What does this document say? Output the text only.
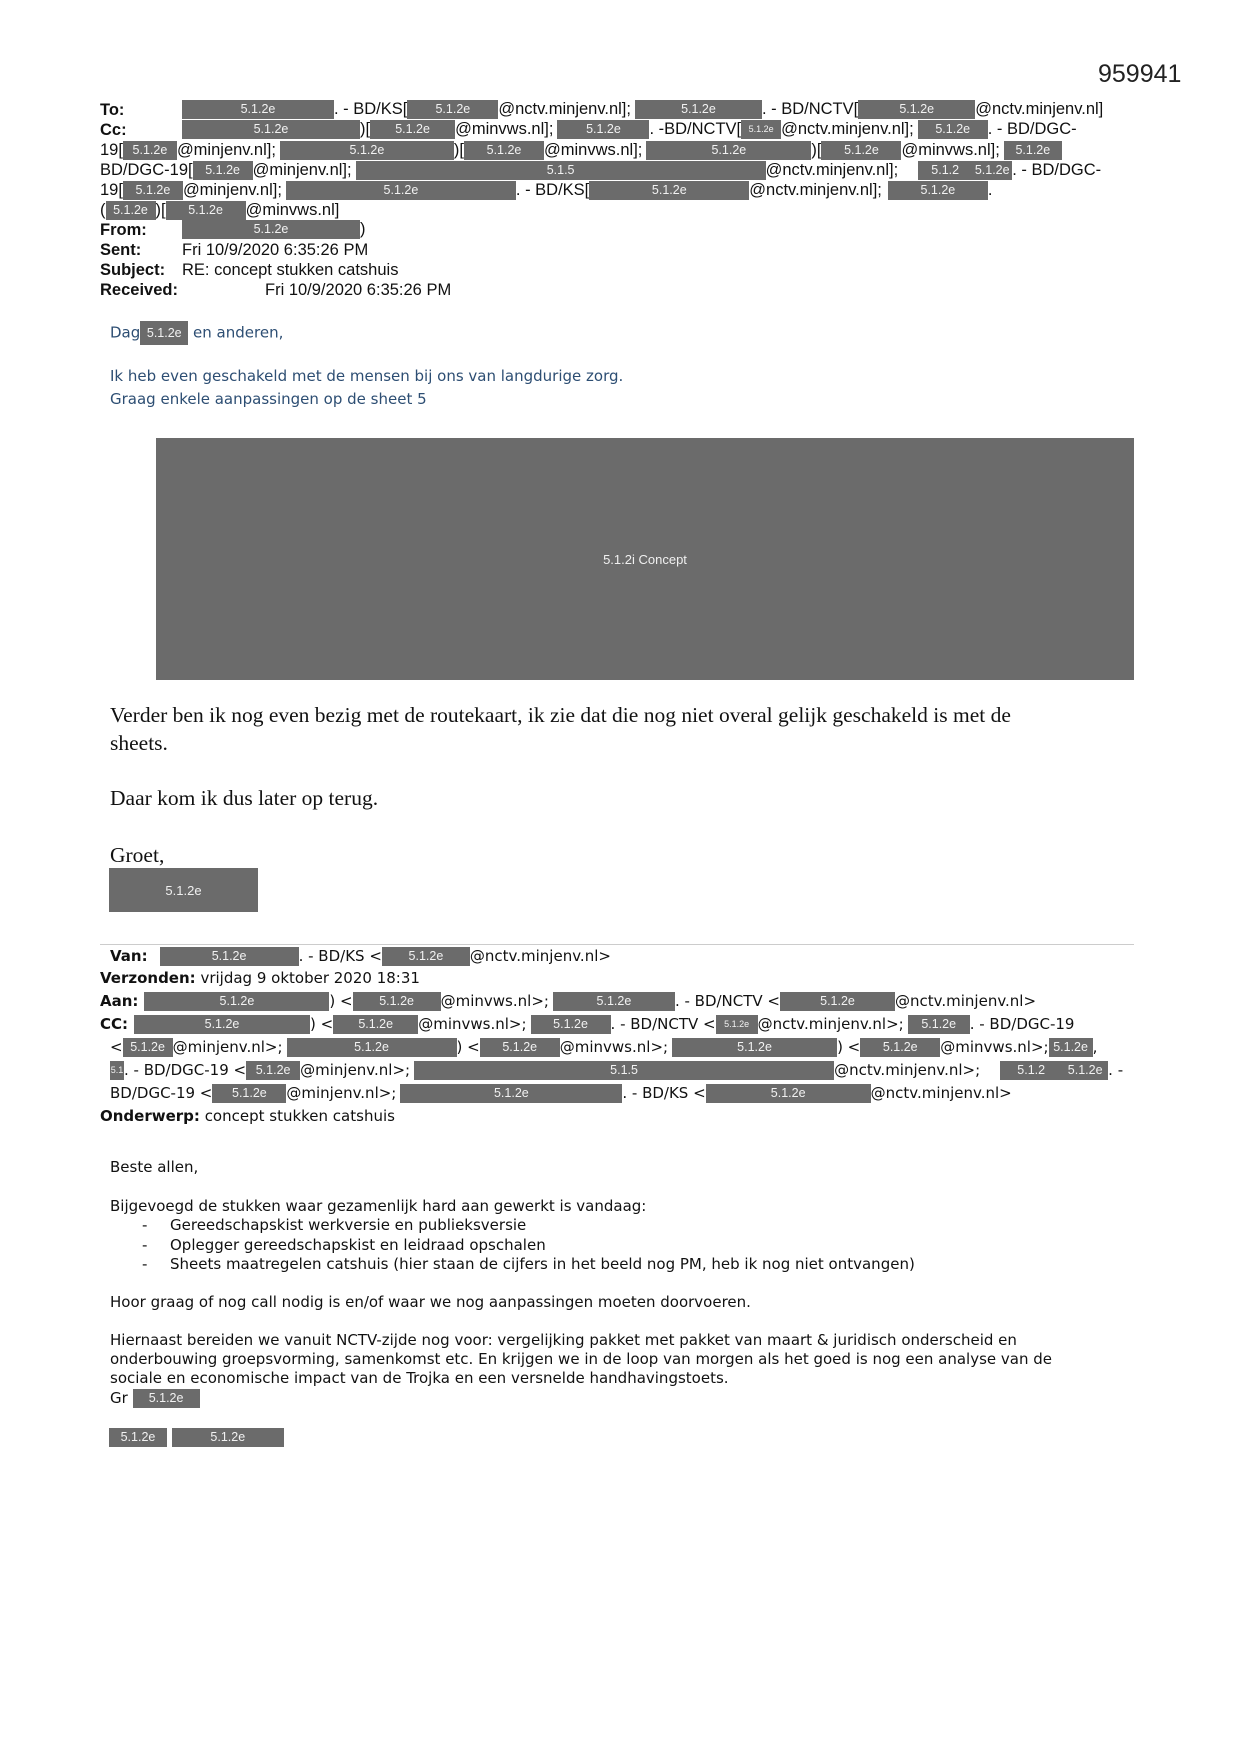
959941
To:	5.1.2e	. - BD/KS[ 5.1.2e @nctv.minjenv.nl];	5.1.2e	. - BD/NCTV[	5.1.2e @nctv.minjenv.nl]
Cc:	5.1.2e	)[ 5.1.2e @minvws.nl];	5.1.2e . -BD/NCTV[ 5.1.2e @nctv.minjenv.nl]; 5.1.2e . - BD/DGC-
19[ 5.1.2e @minjenv.nl];	5.1.2e	)[ 5.1.2e @minvws.nl];	5.1.2e	)[ 5.1.2e @minvws.nl]; 5.1.2e
BD/DGC-19[ 5.1.2e @minjenv.nl];	5.1.5	@nctv.minjenv.nl];	5.1.2 5.1.2e . - BD/DGC-
19[ 5.1.2e @minjenv.nl];	5.1.2e	. - BD/KS[	5.1.2e	@nctv.minjenv.nl];	5.1.2e .
( 5.1.2e )[ 5.1.2e @minvws.nl]
From:	5.1.2e	)
Sent: Fri 10/9/2020 6:35:26 PM
Subject: RE: concept stukken catshuis
Received:	Fri 10/9/2020 6:35:26 PM
Dag 5.1.2e en anderen,
Ik heb even geschakeld met de mensen bij ons van langdurige zorg.
Graag enkele aanpassingen op de sheet 5
5.1.2i Concept
Verder ben ik nog even bezig met de routekaart, ik zie dat die nog niet overal gelijk geschakeld is met de
sheets.
Daar kom ik dus later op terug.
Groet,
5.1.2e
Van:	5.1.2e	. - BD/KS < 5.1.2e @nctv.minjenv.nl>
Verzonden: vrijdag 9 oktober 2020 18:31
Aan:	5.1.2e	) < 5.1.2e @minvws.nl>;	5.1.2e	. - BD/NCTV <	5.1.2e	@nctv.minjenv.nl>
CC:	5.1.2e	) < 5.1.2e @minvws.nl>; 5.1.2e . - BD/NCTV < 5.1.2e @nctv.minjenv.nl>; 5.1.2e . - BD/DGC-19
< 5.1.2e @minjenv.nl>;	5.1.2e	) < 5.1.2e @minvws.nl>;	5.1.2e	) < 5.1.2e @minvws.nl>; 5.1.2e ,
5.1. - BD/DGC-19 < 5.1.2e @minjenv.nl>;	5.1.5	@nctv.minjenv.nl>;	5.1.2 5.1.2e . -
BD/DGC-19 < 5.1.2e @minjenv.nl>;	5.1.2e	. - BD/KS <	5.1.2e	@nctv.minjenv.nl>
Onderwerp: concept stukken catshuis
Beste allen,
Bijgevoegd de stukken waar gezamenlijk hard aan gewerkt is vandaag:
- Gereedschapskist werkversie en publieksversie
- Oplegger gereedschapskist en leidraad opschalen
- Sheets maatregelen catshuis (hier staan de cijfers in het beeld nog PM, heb ik nog niet ontvangen)
Hoor graag of nog call nodig is en/of waar we nog aanpassingen moeten doorvoeren.
Hiernaast bereiden we vanuit NCTV-zijde nog voor: vergelijking pakket met pakket van maart & juridisch onderscheid en
onderbouwing groepsvorming, samenkomst etc. En krijgen we in de loop van morgen als het goed is nog een analyse van de
sociale en economische impact van de Trojka en een versnelde handhavingstoets.
Gr 5.1.2e
5.1.2e	5.1.2e
